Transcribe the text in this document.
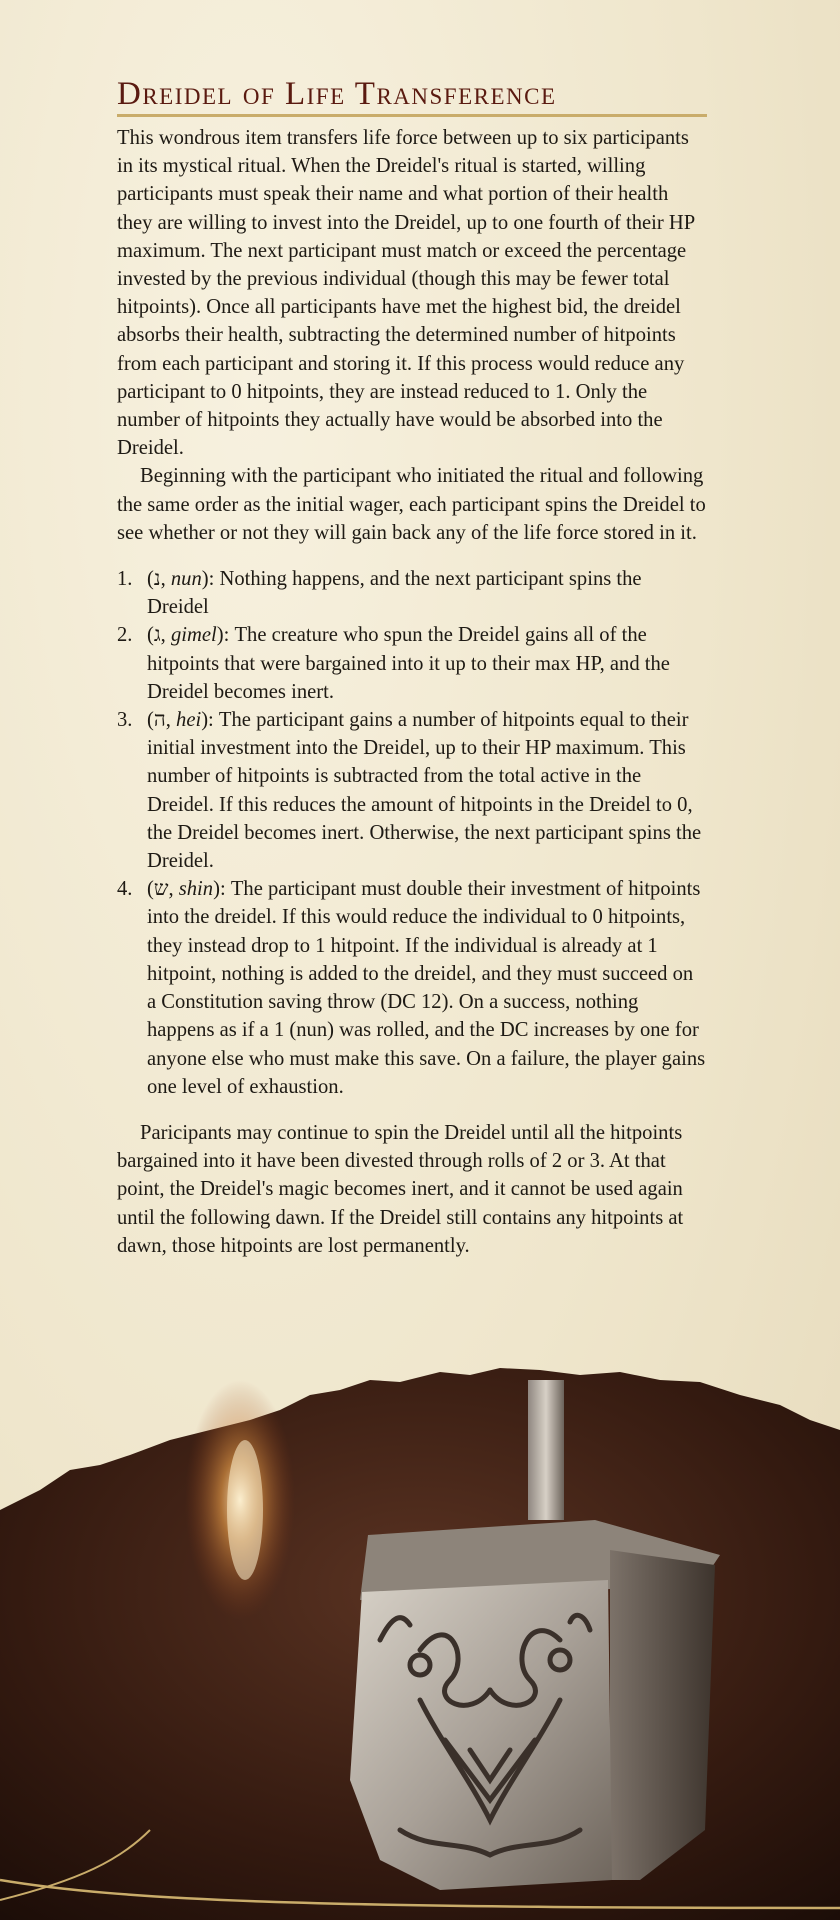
Dreidel of Life Transference

This wondrous item transfers life force between up to six participants in its mystical ritual. When the Dreidel's ritual is started, willing participants must speak their name and what portion of their health they are willing to invest into the Dreidel, up to one fourth of their HP maximum. The next participant must match or exceed the percentage invested by the previous individual (though this may be fewer total hitpoints). Once all participants have met the highest bid, the dreidel absorbs their health, subtracting the determined number of hitpoints from each participant and storing it. If this process would reduce any participant to 0 hitpoints, they are instead reduced to 1. Only the number of hitpoints they actually have would be absorbed into the Dreidel.

Beginning with the participant who initiated the ritual and following the same order as the initial wager, each participant spins the Dreidel to see whether or not they will gain back any of the life force stored in it.

1. (נ, nun): Nothing happens, and the next participant spins the Dreidel
2. (ג, gimel): The creature who spun the Dreidel gains all of the hitpoints that were bargained into it up to their max HP, and the Dreidel becomes inert.
3. (ה, hei): The participant gains a number of hitpoints equal to their initial investment into the Dreidel, up to their HP maximum. This number of hitpoints is subtracted from the total active in the Dreidel. If this reduces the amount of hitpoints in the Dreidel to 0, the Dreidel becomes inert. Otherwise, the next participant spins the Dreidel.
4. (ש, shin): The participant must double their investment of hitpoints into the dreidel. If this would reduce the individual to 0 hitpoints, they instead drop to 1 hitpoint. If the individual is already at 1 hitpoint, nothing is added to the dreidel, and they must succeed on a Constitution saving throw (DC 12). On a success, nothing happens as if a 1 (nun) was rolled, and the DC increases by one for anyone else who must make this save. On a failure, the player gains one level of exhaustion.

Paricipants may continue to spin the Dreidel until all the hitpoints bargained into it have been divested through rolls of 2 or 3. At that point, the Dreidel's magic becomes inert, and it cannot be used again until the following dawn. If the Dreidel still contains any hitpoints at dawn, those hitpoints are lost permanently.
